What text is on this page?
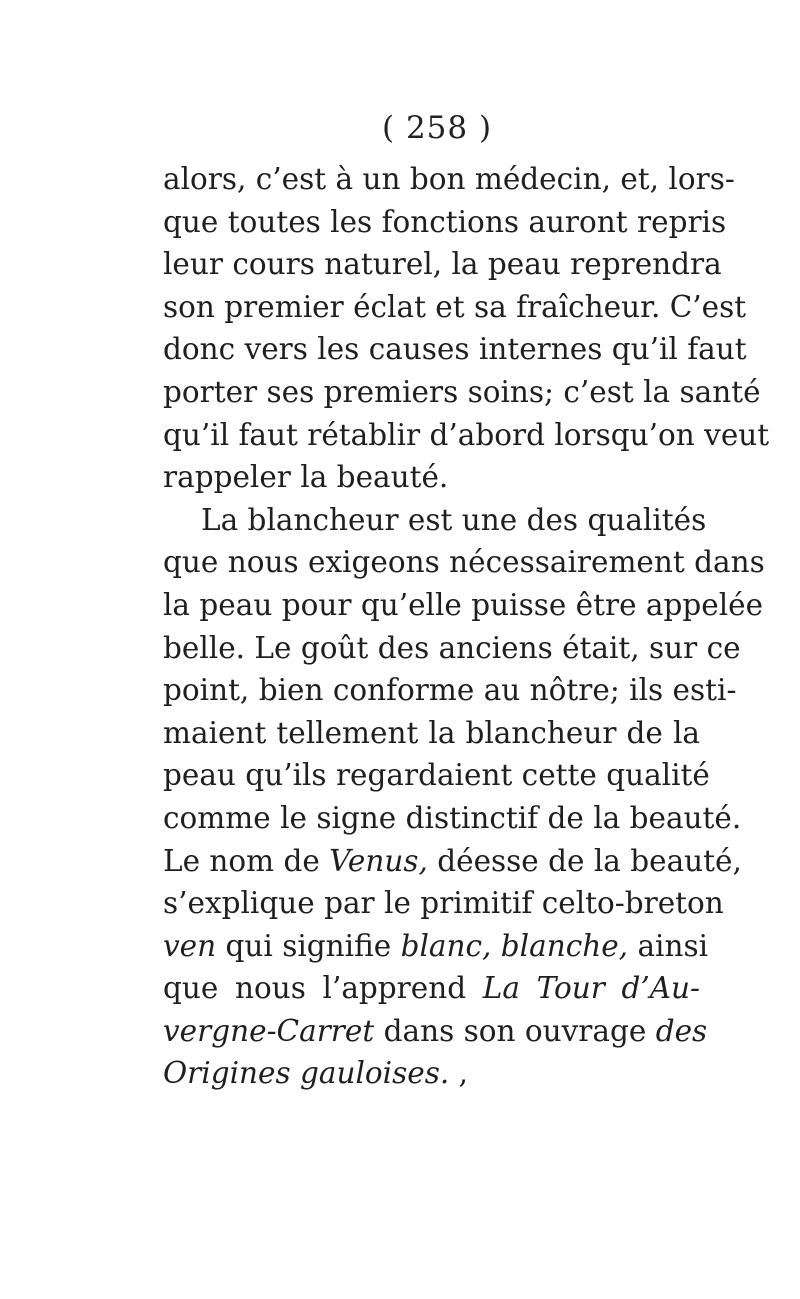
( 258 )
alors, c’est à un bon médecin, et, lors-
que toutes les fonctions auront repris
leur cours naturel, la peau reprendra
son premier éclat et sa fraîcheur. C’est
donc vers les causes internes qu’il faut
porter ses premiers soins; c’est la santé
qu’il faut rétablir d’abord lorsqu’on veut
rappeler la beauté.
La blancheur est une des qualités
que nous exigeons nécessairement dans
la peau pour qu’elle puisse être appelée
belle. Le goût des anciens était, sur ce
point, bien conforme au nôtre; ils esti-
maient tellement la blancheur de la
peau qu’ils regardaient cette qualité
comme le signe distinctif de la beauté.
Le nom de Venus, déesse de la beauté,
s’explique par le primitif celto-breton
ven qui signifie blanc, blanche, ainsi
que nous l’apprend La Tour d’Au-
vergne-Carret dans son ouvrage des
Origines gauloises. ,
